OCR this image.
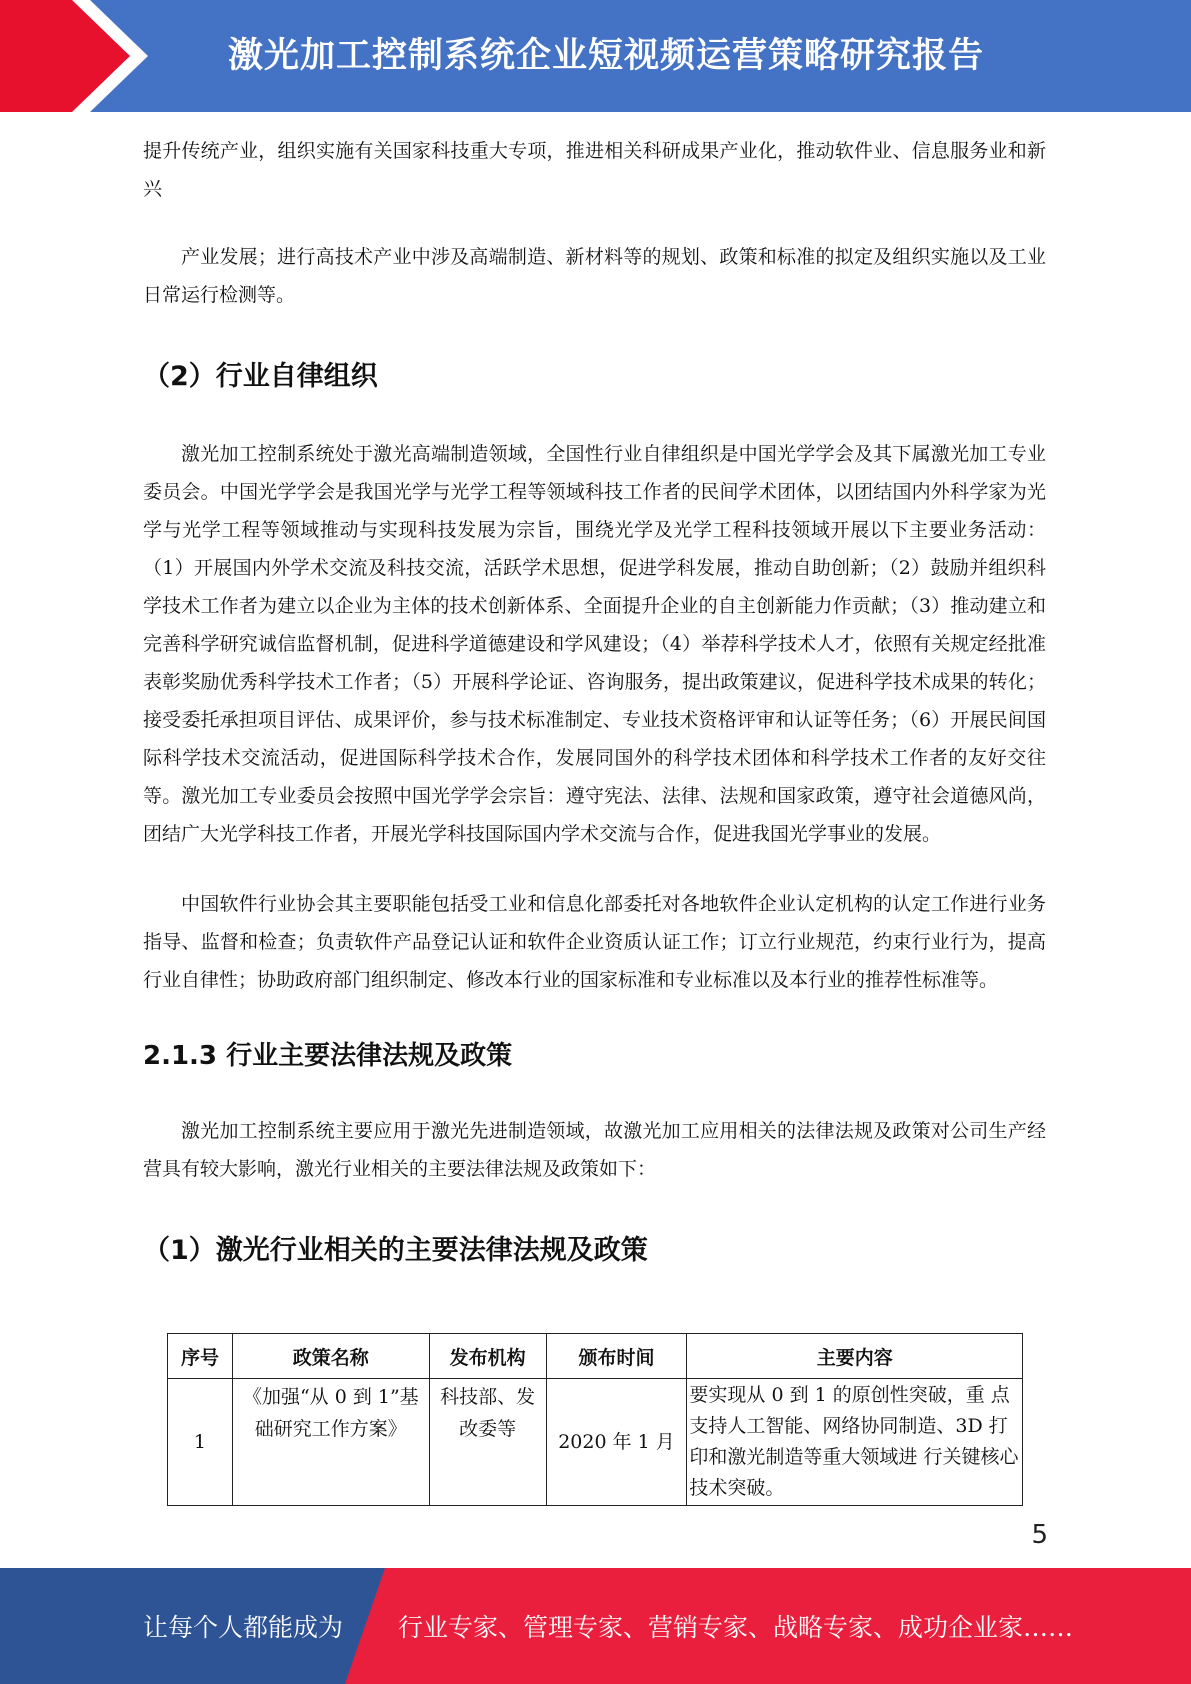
激光加工控制系统企业短视频运营策略研究报告

提升传统产业，组织实施有关国家科技重大专项，推进相关科研成果产业化，推动软件业、信息服务业和新兴

产业发展；进行高技术产业中涉及高端制造、新材料等的规划、政策和标准的拟定及组织实施以及工业日常运行检测等。

（2）行业自律组织

激光加工控制系统处于激光高端制造领域，全国性行业自律组织是中国光学学会及其下属激光加工专业委员会。中国光学学会是我国光学与光学工程等领域科技工作者的民间学术团体，以团结国内外科学家为光学与光学工程等领域推动与实现科技发展为宗旨，围绕光学及光学工程科技领域开展以下主要业务活动：（1）开展国内外学术交流及科技交流，活跃学术思想，促进学科发展，推动自助创新；（2）鼓励并组织科学技术工作者为建立以企业为主体的技术创新体系、全面提升企业的自主创新能力作贡献；（3）推动建立和完善科学研究诚信监督机制，促进科学道德建设和学风建设；（4）举荐科学技术人才，依照有关规定经批准表彰奖励优秀科学技术工作者；（5）开展科学论证、咨询服务，提出政策建议，促进科学技术成果的转化；接受委托承担项目评估、成果评价，参与技术标准制定、专业技术资格评审和认证等任务；（6）开展民间国际科学技术交流活动，促进国际科学技术合作，发展同国外的科学技术团体和科学技术工作者的友好交往等。激光加工专业委员会按照中国光学学会宗旨：遵守宪法、法律、法规和国家政策，遵守社会道德风尚，团结广大光学科技工作者，开展光学科技国际国内学术交流与合作，促进我国光学事业的发展。

中国软件行业协会其主要职能包括受工业和信息化部委托对各地软件企业认定机构的认定工作进行业务指导、监督和检查；负责软件产品登记认证和软件企业资质认证工作；订立行业规范，约束行业行为，提高行业自律性；协助政府部门组织制定、修改本行业的国家标准和专业标准以及本行业的推荐性标准等。

2.1.3 行业主要法律法规及政策

激光加工控制系统主要应用于激光先进制造领域，故激光加工应用相关的法律法规及政策对公司生产经营具有较大影响，激光行业相关的主要法律法规及政策如下：

（1）激光行业相关的主要法律法规及政策

序号	政策名称	发布机构	颁布时间	主要内容
1	《加强“从 0 到 1”基础研究工作方案》	科技部、发改委等	2020 年 1 月	要实现从 0 到 1 的原创性突破，重 点支持人工智能、网络协同制造、3D 打印和激光制造等重大领域进 行关键核心技术突破。
5
让每个人都能成为 行业专家、管理专家、营销专家、战略专家、成功企业家……
